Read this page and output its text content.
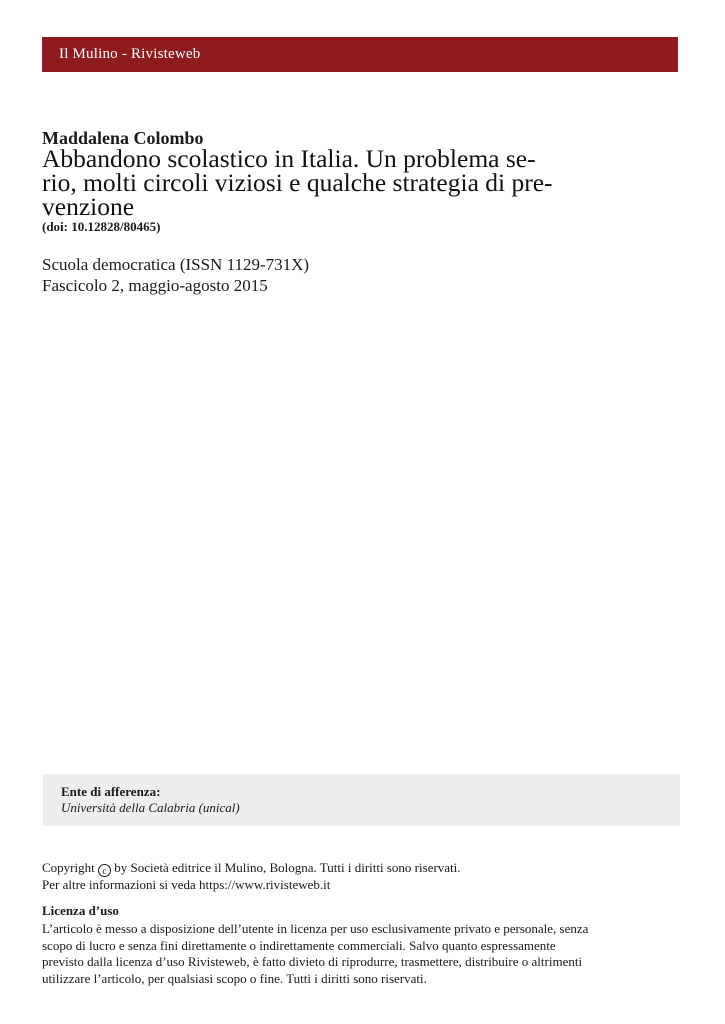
Il Mulino - Rivisteweb
Maddalena Colombo
Abbandono scolastico in Italia. Un problema se-
rio, molti circoli viziosi e qualche strategia di pre-
venzione
(doi: 10.12828/80465)
Scuola democratica (ISSN 1129-731X)
Fascicolo 2, maggio-agosto 2015
Ente di afferenza:
Università della Calabria (unical)
Copyright c by Società editrice il Mulino, Bologna. Tutti i diritti sono riservati.
Per altre informazioni si veda https://www.rivisteweb.it
Licenza d’uso
L’articolo è messo a disposizione dell’utente in licenza per uso esclusivamente privato e personale, senza
scopo di lucro e senza fini direttamente o indirettamente commerciali. Salvo quanto espressamente
previsto dalla licenza d’uso Rivisteweb, è fatto divieto di riprodurre, trasmettere, distribuire o altrimenti
utilizzare l’articolo, per qualsiasi scopo o fine. Tutti i diritti sono riservati.
